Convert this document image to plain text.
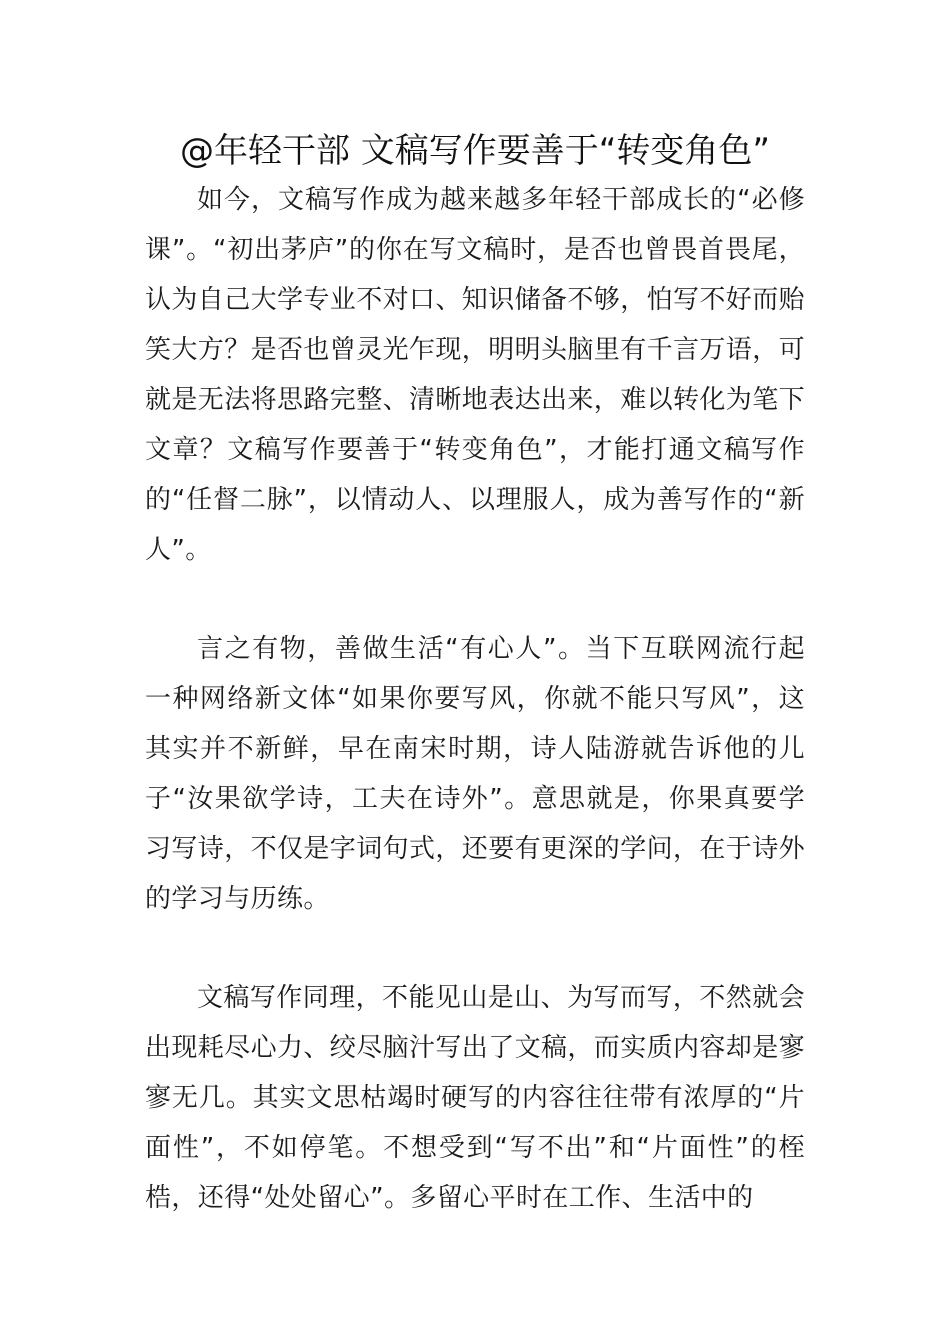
@年轻干部 文稿写作要善于“转变角色”

如今，文稿写作成为越来越多年轻干部成长的“必修课”。“初出茅庐”的你在写文稿时，是否也曾畏首畏尾，认为自己大学专业不对口、知识储备不够，怕写不好而贻笑大方？是否也曾灵光乍现，明明头脑里有千言万语，可就是无法将思路完整、清晰地表达出来，难以转化为笔下文章？文稿写作要善于“转变角色”，才能打通文稿写作的“任督二脉”，以情动人、以理服人，成为善写作的“新人”。

言之有物，善做生活“有心人”。当下互联网流行起一种网络新文体“如果你要写风，你就不能只写风”，这其实并不新鲜，早在南宋时期，诗人陆游就告诉他的儿子“汝果欲学诗，工夫在诗外”。意思就是，你果真要学习写诗，不仅是字词句式，还要有更深的学问，在于诗外的学习与历练。

文稿写作同理，不能见山是山、为写而写，不然就会出现耗尽心力、绞尽脑汁写出了文稿，而实质内容却是寥寥无几。其实文思枯竭时硬写的内容往往带有浓厚的“片面性”，不如停笔。不想受到“写不出”和“片面性”的桎梏，还得“处处留心”。多留心平时在工作、生活中的
